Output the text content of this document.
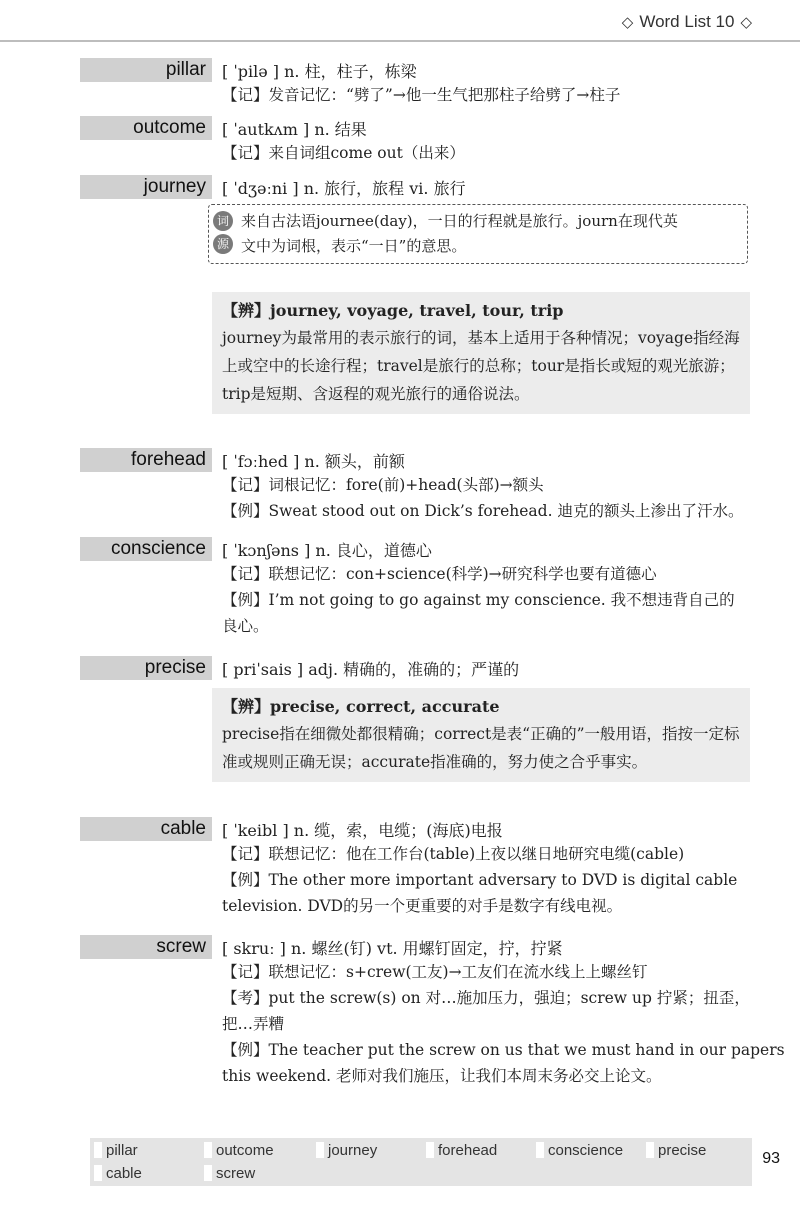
◇ Word List 10 ◇
pillar	[ ˈpilə ] n. 柱，柱子，栋梁
【记】发音记忆：“劈了”→他一生气把那柱子给劈了→柱子
outcome	[ ˈautkʌm ] n. 结果
【记】来自词组come out（出来）
journey	[ ˈdʒəːni ] n. 旅行，旅程 vi. 旅行
词
源
来自古法语journee(day)，一日的行程就是旅行。journ在现代英
文中为词根，表示“一日”的意思。
【辨】journey, voyage, travel, tour, trip
journey为最常用的表示旅行的词，基本上适用于各种情况；voyage指经海上或空中的长途行程；travel是旅行的总称；tour是指长或短的观光旅游；trip是短期、含返程的观光旅行的通俗说法。
forehead	[ ˈfɔːhed ] n. 额头，前额
【记】词根记忆：fore(前)+head(头部)→额头
【例】Sweat stood out on Dick’s forehead. 迪克的额头上渗出了汗水。
conscience	[ ˈkɔnʃəns ] n. 良心，道德心
【记】联想记忆：con+science(科学)→研究科学也要有道德心
【例】I’m not going to go against my conscience. 我不想违背自己的
良心。
precise	[ priˈsais ] adj. 精确的，准确的；严谨的
【辨】precise, correct, accurate
precise指在细微处都很精确；correct是表“正确的”一般用语，指按一定标准或规则正确无误；accurate指准确的，努力使之合乎事实。
cable	[ ˈkeibl ] n. 缆，索，电缆；(海底)电报
【记】联想记忆：他在工作台(table)上夜以继日地研究电缆(cable)
【例】The other more important adversary to DVD is digital cable
television. DVD的另一个更重要的对手是数字有线电视。
screw	[ skruː ] n. 螺丝(钉) vt. 用螺钉固定，拧，拧紧
【记】联想记忆：s+crew(工友)→工友们在流水线上上螺丝钉
【考】put the screw(s) on 对…施加压力，强迫；screw up 拧紧；扭歪，
把…弄糟
【例】The teacher put the screw on us that we must hand in our papers
this weekend. 老师对我们施压，让我们本周末务必交上论文。
pillar	outcome	journey	forehead	conscience	precise
cable	screw
93
